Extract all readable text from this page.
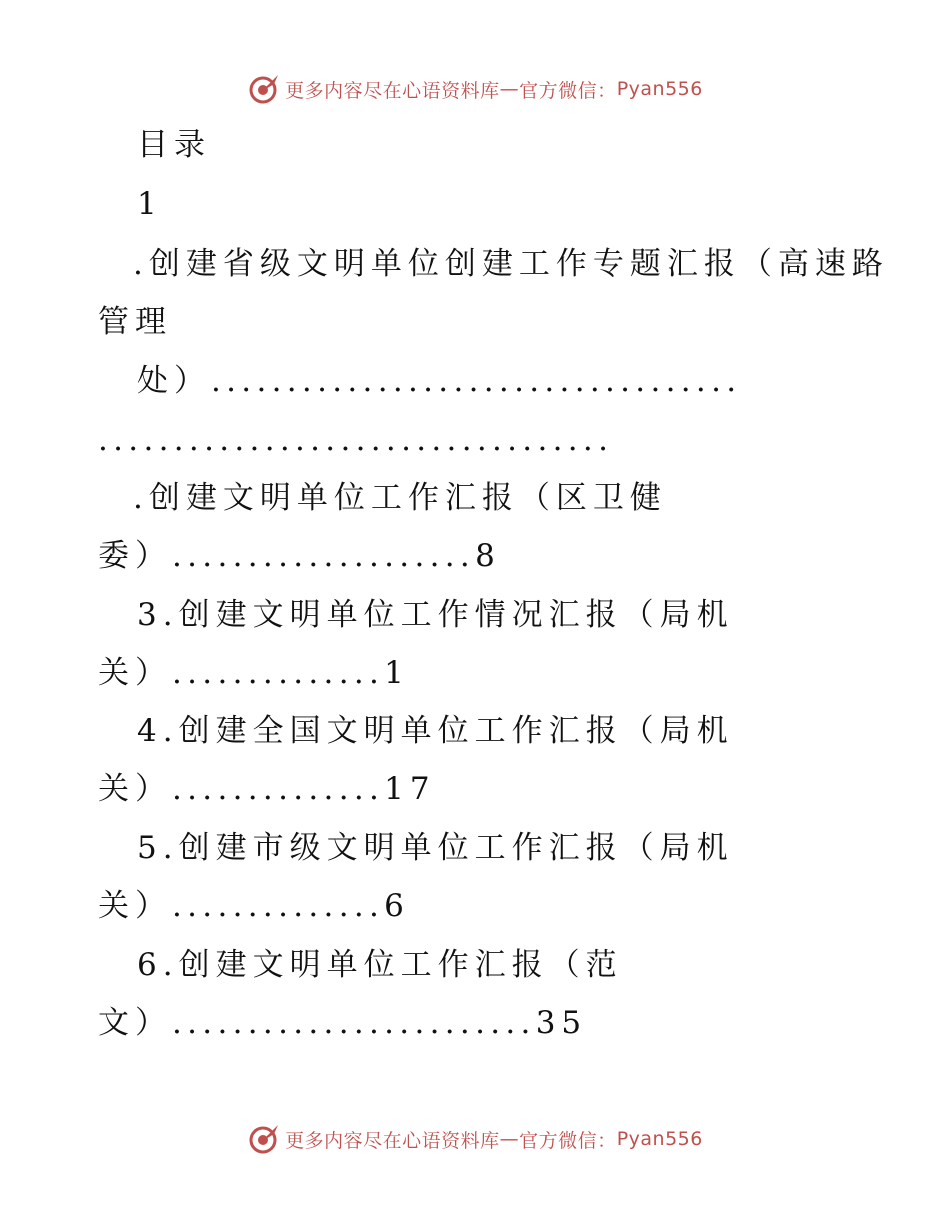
更多内容尽在心语资料库 — 官方微信： Pyan556
目录
1
.创建省级文明单位创建工作专题汇报（高速路
管理
处）...................................
..................................
.创建文明单位工作汇报（区卫健
委）....................8
3.创建文明单位工作情况汇报（局机
关）..............1
4.创建全国文明单位工作汇报（局机
关）..............17
5.创建市级文明单位工作汇报（局机
关）..............6
6.创建文明单位工作汇报（范
文）........................35
更多内容尽在心语资料库 — 官方微信： Pyan556
